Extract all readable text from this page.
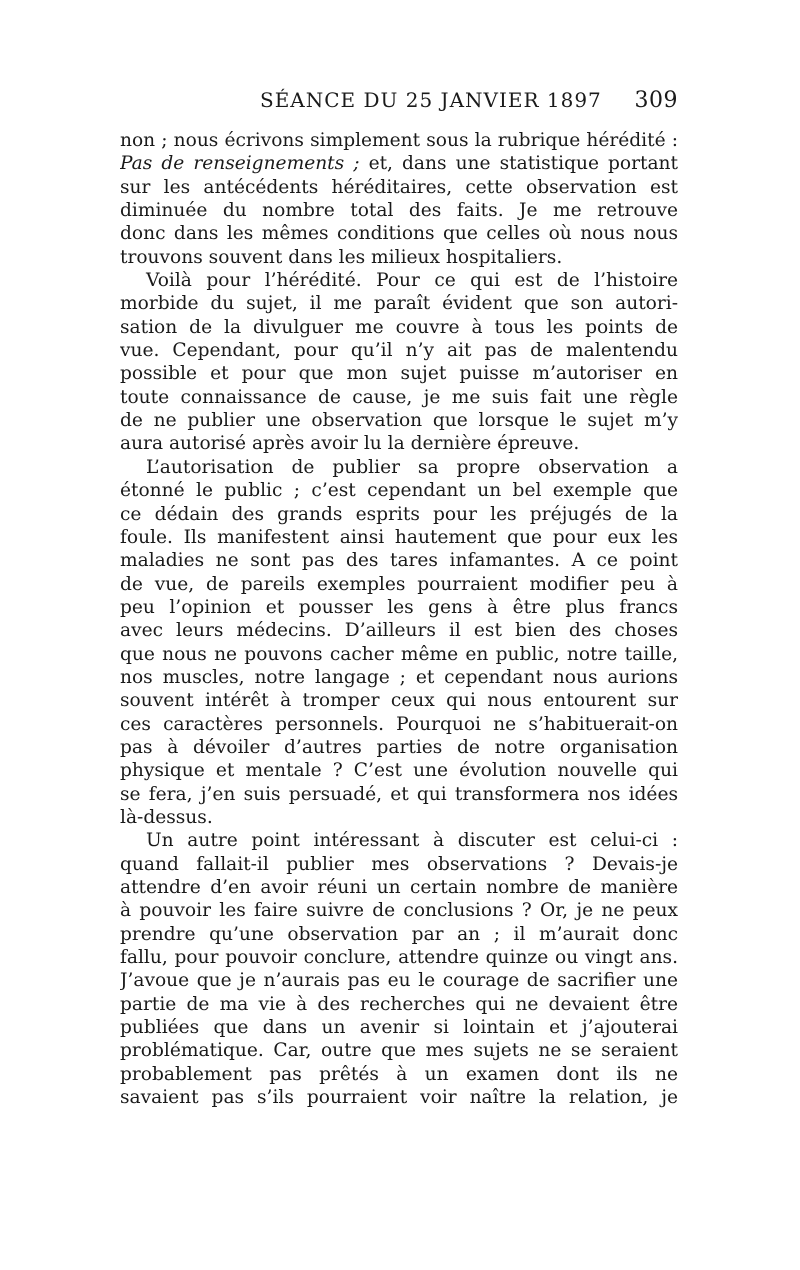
SÉANCE DU 25 JANVIER 1897 309
non ; nous écrivons simplement sous la rubrique hérédité :
Pas de renseignements ; et, dans une statistique portant
sur les antécédents héréditaires, cette observation est
diminuée du nombre total des faits. Je me retrouve
donc dans les mêmes conditions que celles où nous nous
trouvons souvent dans les milieux hospitaliers.
Voilà pour l’hérédité. Pour ce qui est de l’histoire
morbide du sujet, il me paraît évident que son autori-
sation de la divulguer me couvre à tous les points de
vue. Cependant, pour qu’il n’y ait pas de malentendu
possible et pour que mon sujet puisse m’autoriser en
toute connaissance de cause, je me suis fait une règle
de ne publier une observation que lorsque le sujet m’y
aura autorisé après avoir lu la dernière épreuve.
L’autorisation de publier sa propre observation a
étonné le public ; c’est cependant un bel exemple que
ce dédain des grands esprits pour les préjugés de la
foule. Ils manifestent ainsi hautement que pour eux les
maladies ne sont pas des tares infamantes. A ce point
de vue, de pareils exemples pourraient modifier peu à
peu l’opinion et pousser les gens à être plus francs
avec leurs médecins. D’ailleurs il est bien des choses
que nous ne pouvons cacher même en public, notre taille,
nos muscles, notre langage ; et cependant nous aurions
souvent intérêt à tromper ceux qui nous entourent sur
ces caractères personnels. Pourquoi ne s’habituerait-on
pas à dévoiler d’autres parties de notre organisation
physique et mentale ? C’est une évolution nouvelle qui
se fera, j’en suis persuadé, et qui transformera nos idées
là-dessus.
Un autre point intéressant à discuter est celui-ci :
quand fallait-il publier mes observations ? Devais-je
attendre d’en avoir réuni un certain nombre de manière
à pouvoir les faire suivre de conclusions ? Or, je ne peux
prendre qu’une observation par an ; il m’aurait donc
fallu, pour pouvoir conclure, attendre quinze ou vingt ans.
J’avoue que je n’aurais pas eu le courage de sacrifier une
partie de ma vie à des recherches qui ne devaient être
publiées que dans un avenir si lointain et j’ajouterai
problématique. Car, outre que mes sujets ne se seraient
probablement pas prêtés à un examen dont ils ne
savaient pas s’ils pourraient voir naître la relation, je
